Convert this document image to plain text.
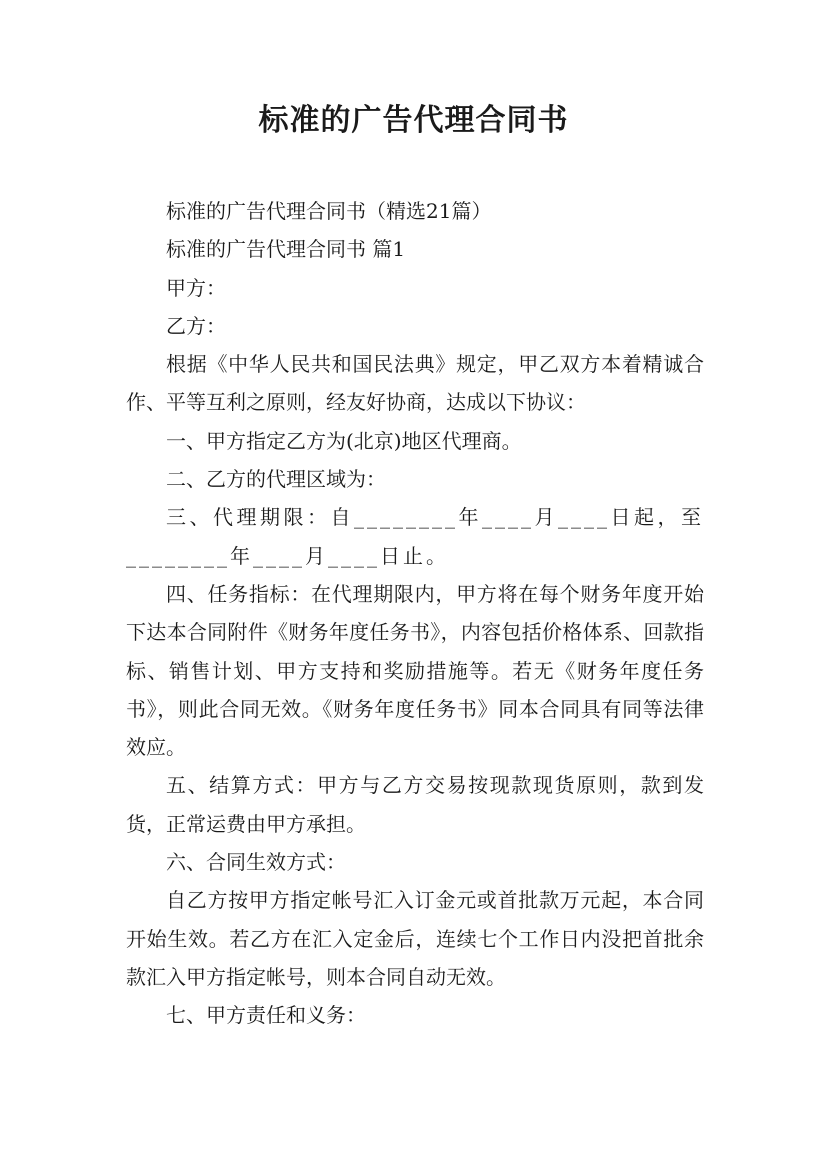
标准的广告代理合同书

标准的广告代理合同书（精选21篇）

标准的广告代理合同书 篇1

甲方：

乙方：

根据《中华人民共和国民法典》规定，甲乙双方本着精诚合作、平等互利之原则，经友好协商，达成以下协议：

一、甲方指定乙方为(北京)地区代理商。

二、乙方的代理区域为：

三、代理期限：自________年____月____日起，至________年____月____日止。

四、任务指标：在代理期限内，甲方将在每个财务年度开始下达本合同附件《财务年度任务书》，内容包括价格体系、回款指标、销售计划、甲方支持和奖励措施等。若无《财务年度任务书》，则此合同无效。《财务年度任务书》同本合同具有同等法律效应。

五、结算方式：甲方与乙方交易按现款现货原则，款到发货，正常运费由甲方承担。

六、合同生效方式：

自乙方按甲方指定帐号汇入订金元或首批款万元起，本合同开始生效。若乙方在汇入定金后，连续七个工作日内没把首批余款汇入甲方指定帐号，则本合同自动无效。

七、甲方责任和义务：
